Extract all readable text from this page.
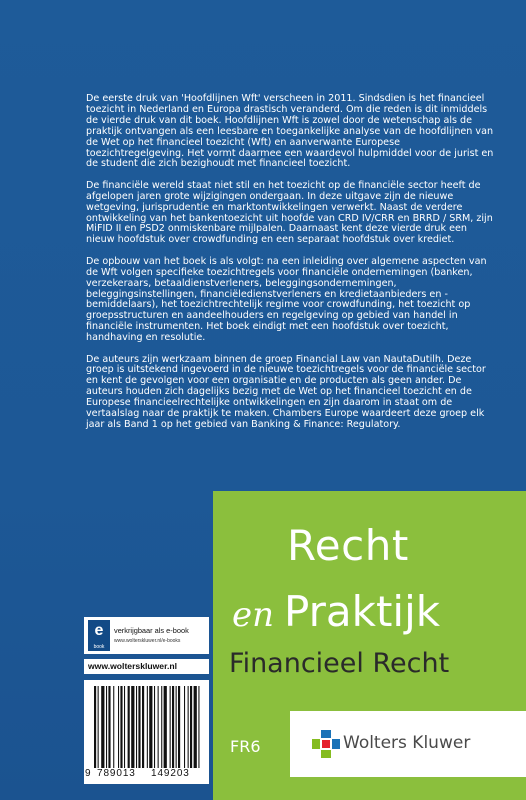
De eerste druk van 'Hoofdlijnen Wft' verscheen in 2011. Sindsdien is het financieel toezicht in Nederland en Europa drastisch veranderd. Om die reden is dit inmiddels de vierde druk van dit boek. Hoofdlijnen Wft is zowel door de wetenschap als de praktijk ontvangen als een leesbare en toegankelijke analyse van de hoofdlijnen van de Wet op het financieel toezicht (Wft) en aanverwante Europese toezichtregelgeving. Het vormt daarmee een waardevol hulpmiddel voor de jurist en de student die zich bezighoudt met financieel toezicht.

De financiële wereld staat niet stil en het toezicht op de financiële sector heeft de afgelopen jaren grote wijzigingen ondergaan. In deze uitgave zijn de nieuwe wetgeving, jurisprudentie en marktontwikkelingen verwerkt. Naast de verdere ontwikkeling van het bankentoezicht uit hoofde van CRD IV/CRR en BRRD / SRM, zijn MiFID II en PSD2 onmiskenbare mijlpalen. Daarnaast kent deze vierde druk een nieuw hoofdstuk over crowdfunding en een separaat hoofdstuk over krediet.

De opbouw van het boek is als volgt: na een inleiding over algemene aspecten van de Wft volgen specifieke toezichtregels voor financiële ondernemingen (banken, verzekeraars, betaaldienstverleners, beleggingsondernemingen, beleggingsinstellingen, financiëledienstverleners en kredietaanbieders en -bemiddelaars), het toezichtrechtelijk regime voor crowdfunding, het toezicht op groepsstructuren en aandeelhouders en regelgeving op gebied van handel in financiële instrumenten. Het boek eindigt met een hoofdstuk over toezicht, handhaving en resolutie.

De auteurs zijn werkzaam binnen de groep Financial Law van NautaDutilh. Deze groep is uitstekend ingevoerd in de nieuwe toezichtregels voor de financiële sector en kent de gevolgen voor een organisatie en de producten als geen ander. De auteurs houden zich dagelijks bezig met de Wet op het financieel toezicht en de Europese financieelrechtelijke ontwikkelingen en zijn daarom in staat om de vertaalslag naar de praktijk te maken. Chambers Europe waardeert deze groep elk jaar als Band 1 op het gebied van Banking & Finance: Regulatory.

e
book
verkrijgbaar als e-book
www.wolterskluwer.nl/e-books
www.wolterskluwer.nl
9 789013 149203
Recht
en Praktijk
Financieel Recht
FR6	Wolters Kluwer
